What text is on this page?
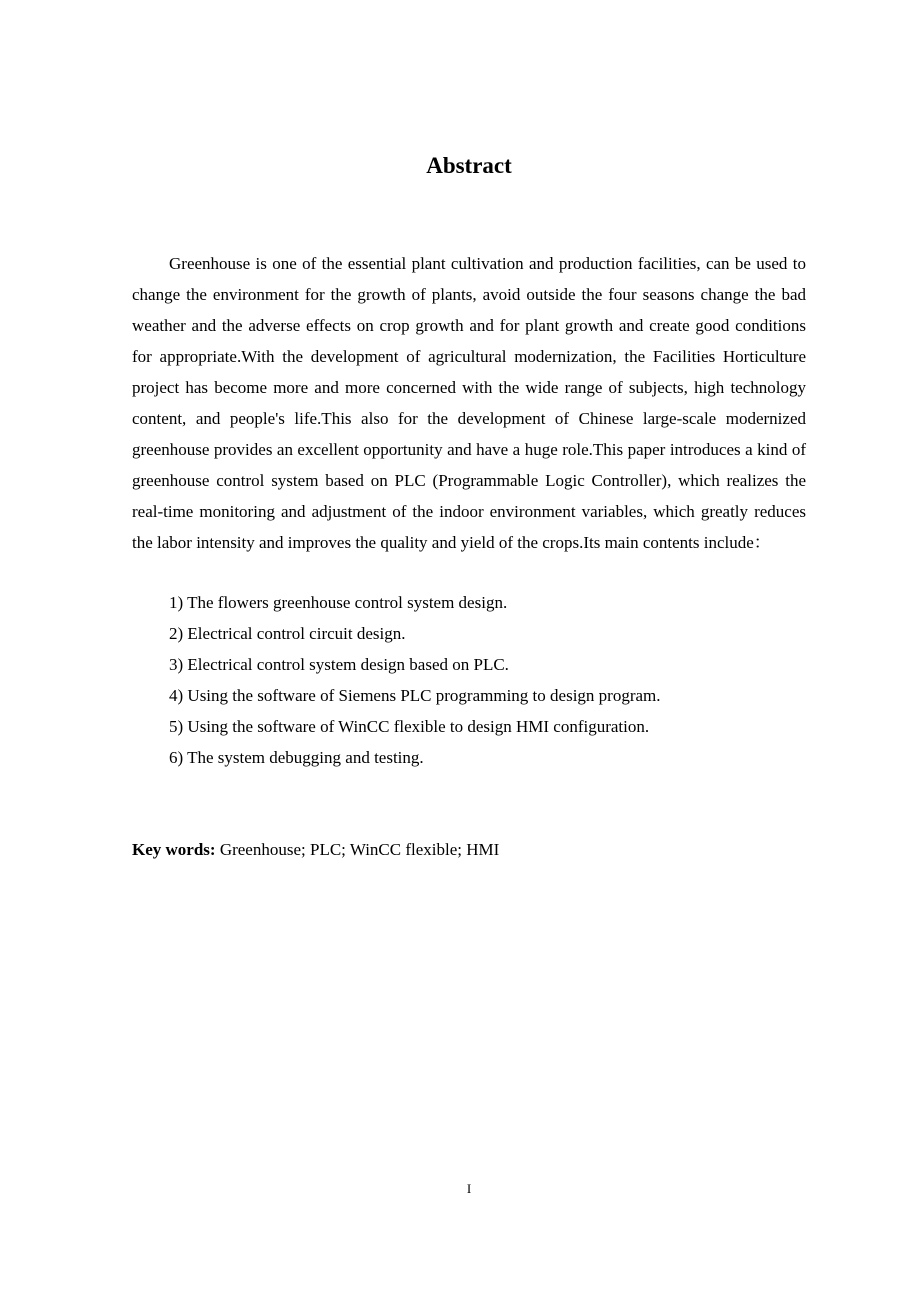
Abstract
Greenhouse is one of the essential plant cultivation and production facilities, can be used to change the environment for the growth of plants, avoid outside the four seasons change the bad weather and the adverse effects on crop growth and for plant growth and create good conditions for appropriate.With the development of agricultural modernization, the Facilities Horticulture project has become more and more concerned with the wide range of subjects, high technology content, and people's life.This also for the development of Chinese large-scale modernized greenhouse provides an excellent opportunity and have a huge role.This paper introduces a kind of greenhouse control system based on PLC (Programmable Logic Controller), which realizes the real-time monitoring and adjustment of the indoor environment variables, which greatly reduces the labor intensity and improves the quality and yield of the crops.Its main contents include：
1) The flowers greenhouse control system design.
2) Electrical control circuit design.
3) Electrical control system design based on PLC.
4) Using the software of Siemens PLC programming to design program.
5) Using the software of WinCC flexible to design HMI configuration.
6) The system debugging and testing.
Key words: Greenhouse; PLC; WinCC flexible; HMI
I
